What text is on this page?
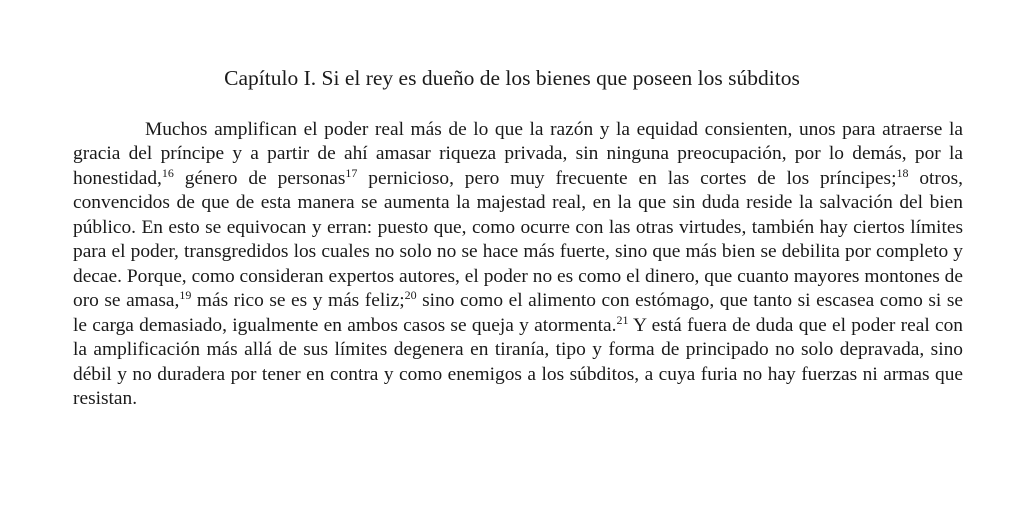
Capítulo I. Si el rey es dueño de los bienes que poseen los súbditos

Muchos amplifican el poder real más de lo que la razón y la equidad consienten, unos para atraerse la gracia del príncipe y a partir de ahí amasar riqueza privada, sin ninguna preocupación, por lo demás, por la honestidad,$^{16}$ género de personas$^{17}$ pernicioso, pero muy frecuente en las cortes de los príncipes;$^{18}$ otros, convencidos de que de esta manera se aumenta la majestad real, en la que sin duda reside la salvación del bien público. En esto se equivocan y erran: puesto que, como ocurre con las otras virtudes, también hay ciertos límites para el poder, transgredidos los cuales no solo no se hace más fuerte, sino que más bien se debilita por completo y decae. Porque, como consideran expertos autores, el poder no es como el dinero, que cuanto mayores montones de oro se amasa,$^{19}$ más rico se es y más feliz;$^{20}$ sino como el alimento con estómago, que tanto si escasea como si se le carga demasiado, igualmente en ambos casos se queja y atormenta.$^{21}$ Y está fuera de duda que el poder real con la amplificación más allá de sus límites degenera en tiranía, tipo y forma de principado no solo depravada, sino débil y no duradera por tener en contra y como enemigos a los súbditos, a cuya furia no hay fuerzas ni armas que resistan.
